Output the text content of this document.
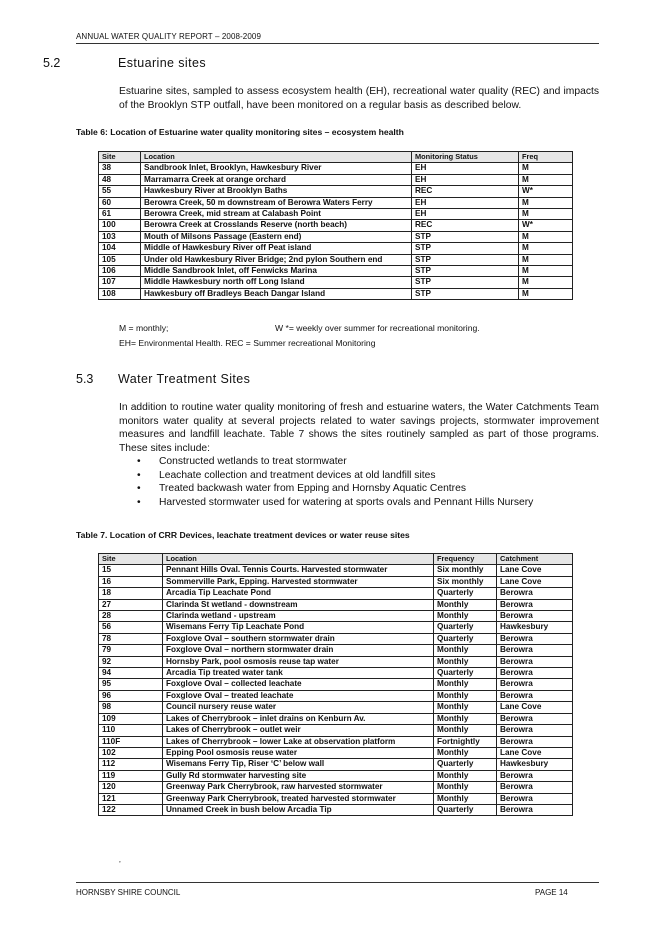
ANNUAL WATER QUALITY REPORT – 2008-2009
5.2	Estuarine sites
Estuarine sites, sampled to assess ecosystem health (EH), recreational water quality (REC) and impacts of the Brooklyn STP outfall, have been monitored on a regular basis as described below.
Table 6: Location of Estuarine water quality monitoring sites – ecosystem health
Site	Location	Monitoring Status	Freq
38	Sandbrook Inlet, Brooklyn, Hawkesbury River	EH	M
48	Marramarra Creek at orange orchard	EH	M
55	Hawkesbury River at Brooklyn Baths	REC	W*
60	Berowra Creek, 50 m downstream of Berowra Waters Ferry	EH	M
61	Berowra Creek, mid stream at Calabash Point	EH	M
100	Berowra Creek at Crosslands Reserve (north beach)	REC	W*
103	Mouth of Milsons Passage (Eastern end)	STP	M
104	Middle of Hawkesbury River off Peat island	STP	M
105	Under old Hawkesbury River Bridge; 2nd pylon Southern end	STP	M
106	Middle Sandbrook Inlet, off Fenwicks Marina	STP	M
107	Middle Hawkesbury north off Long Island	STP	M
108	Hawkesbury off Bradleys Beach Dangar Island	STP	M
M = monthly;	W *= weekly over summer for recreational monitoring.
EH= Environmental Health. REC = Summer recreational Monitoring
5.3 Water Treatment Sites
In addition to routine water quality monitoring of fresh and estuarine waters, the Water Catchments Team monitors water quality at several projects related to water savings projects, stormwater improvement measures and landfill leachate. Table 7 shows the sites routinely sampled as part of those programs. These sites include:
• Constructed wetlands to treat stormwater
• Leachate collection and treatment devices at old landfill sites
• Treated backwash water from Epping and Hornsby Aquatic Centres
• Harvested stormwater used for watering at sports ovals and Pennant Hills Nursery
Table 7. Location of CRR Devices, leachate treatment devices or water reuse sites
Site	Location	Frequency	Catchment
15	Pennant Hills Oval. Tennis Courts. Harvested stormwater	Six monthly	Lane Cove
16	Sommerville Park, Epping. Harvested stormwater	Six monthly	Lane Cove
18	Arcadia Tip Leachate Pond	Quarterly	Berowra
27	Clarinda St wetland - downstream	Monthly	Berowra
28	Clarinda wetland - upstream	Monthly	Berowra
56	Wisemans Ferry Tip Leachate Pond	Quarterly	Hawkesbury
78	Foxglove Oval – southern stormwater drain	Quarterly	Berowra
79	Foxglove Oval – northern stormwater drain	Monthly	Berowra
92	Hornsby Park, pool osmosis reuse tap water	Monthly	Berowra
94	Arcadia Tip treated water tank	Quarterly	Berowra
95	Foxglove Oval – collected leachate	Monthly	Berowra
96	Foxglove Oval – treated leachate	Monthly	Berowra
98	Council nursery reuse water	Monthly	Lane Cove
109	Lakes of Cherrybrook – inlet drains on Kenburn Av.	Monthly	Berowra
110	Lakes of Cherrybrook – outlet weir	Monthly	Berowra
110F	Lakes of Cherrybrook – lower Lake at observation platform	Fortnightly	Berowra
102	Epping Pool osmosis reuse water	Monthly	Lane Cove
112	Wisemans Ferry Tip, Riser ‘C’ below wall	Quarterly	Hawkesbury
119	Gully Rd stormwater harvesting site	Monthly	Berowra
120	Greenway Park Cherrybrook, raw harvested stormwater	Monthly	Berowra
121	Greenway Park Cherrybrook, treated harvested stormwater	Monthly	Berowra
122	Unnamed Creek in bush below Arcadia Tip	Quarterly	Berowra
’
HORNSBY SHIRE COUNCIL	PAGE 14
